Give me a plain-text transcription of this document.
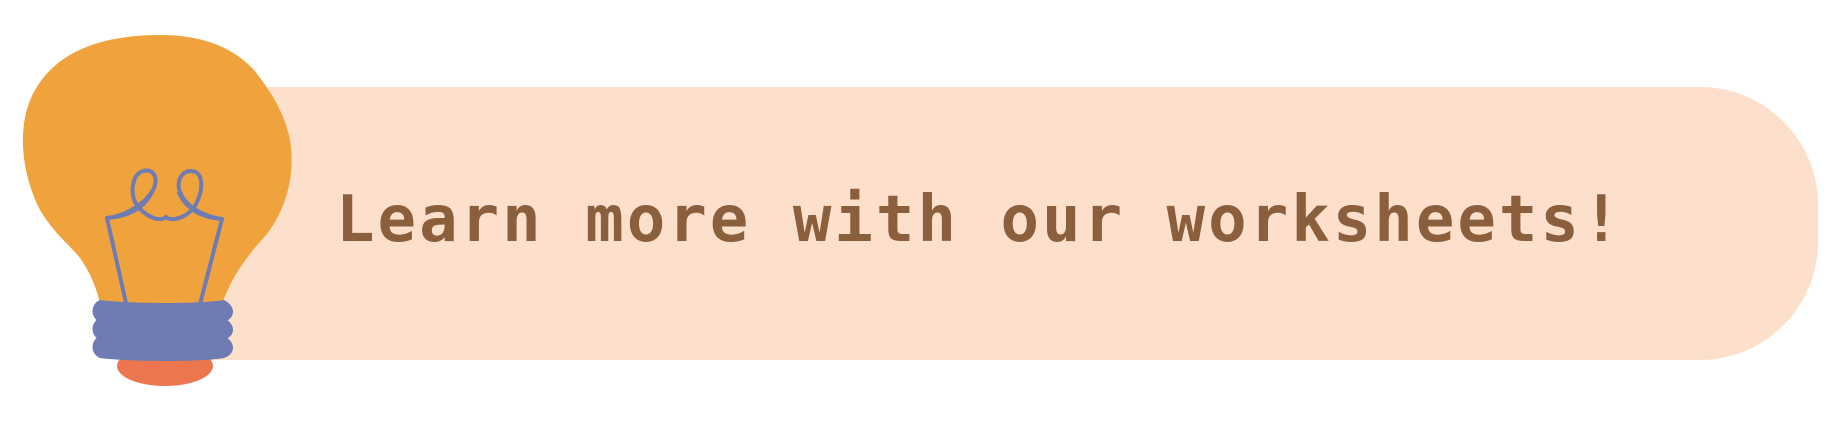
Learn more with our worksheets!
